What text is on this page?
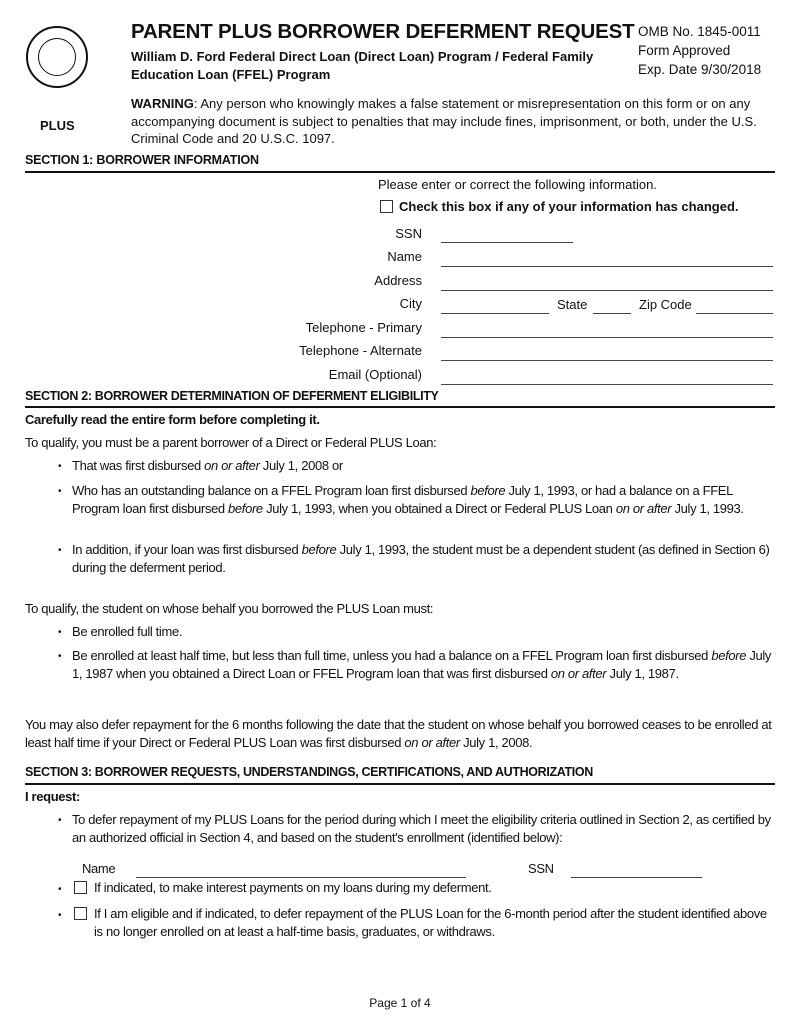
PLUS
PARENT PLUS BORROWER DEFERMENT REQUEST
William D. Ford Federal Direct Loan (Direct Loan) Program / Federal Family Education Loan (FFEL) Program
OMB No. 1845-0011
Form Approved
Exp. Date 9/30/2018
WARNING: Any person who knowingly makes a false statement or misrepresentation on this form or on any accompanying document is subject to penalties that may include fines, imprisonment, or both, under the U.S. Criminal Code and 20 U.S.C. 1097.
SECTION 1: BORROWER INFORMATION
Please enter or correct the following information.
Check this box if any of your information has changed.
SSN
Name
Address
City	State	Zip Code
Telephone - Primary
Telephone - Alternate
Email (Optional)
SECTION 2: BORROWER DETERMINATION OF DEFERMENT ELIGIBILITY
Carefully read the entire form before completing it.
To qualify, you must be a parent borrower of a Direct or Federal PLUS Loan:
• That was first disbursed on or after July 1, 2008 or
• Who has an outstanding balance on a FFEL Program loan first disbursed before July 1, 1993, or had a balance on a FFEL Program loan first disbursed before July 1, 1993, when you obtained a Direct or Federal PLUS Loan on or after July 1, 1993.
• In addition, if your loan was first disbursed before July 1, 1993, the student must be a dependent student (as defined in Section 6) during the deferment period.
To qualify, the student on whose behalf you borrowed the PLUS Loan must:
• Be enrolled full time.
• Be enrolled at least half time, but less than full time, unless you had a balance on a FFEL Program loan first disbursed before July 1, 1987 when you obtained a Direct Loan or FFEL Program loan that was first disbursed on or after July 1, 1987.
You may also defer repayment for the 6 months following the date that the student on whose behalf you borrowed ceases to be enrolled at least half time if your Direct or Federal PLUS Loan was first disbursed on or after July 1, 2008.
SECTION 3: BORROWER REQUESTS, UNDERSTANDINGS, CERTIFICATIONS, AND AUTHORIZATION
I request:
• To defer repayment of my PLUS Loans for the period during which I meet the eligibility criteria outlined in Section 2, as certified by an authorized official in Section 4, and based on the student's enrollment (identified below):
Name	SSN
• If indicated, to make interest payments on my loans during my deferment.
• If I am eligible and if indicated, to defer repayment of the PLUS Loan for the 6-month period after the student identified above is no longer enrolled on at least a half-time basis, graduates, or withdraws.
Page 1 of 4
